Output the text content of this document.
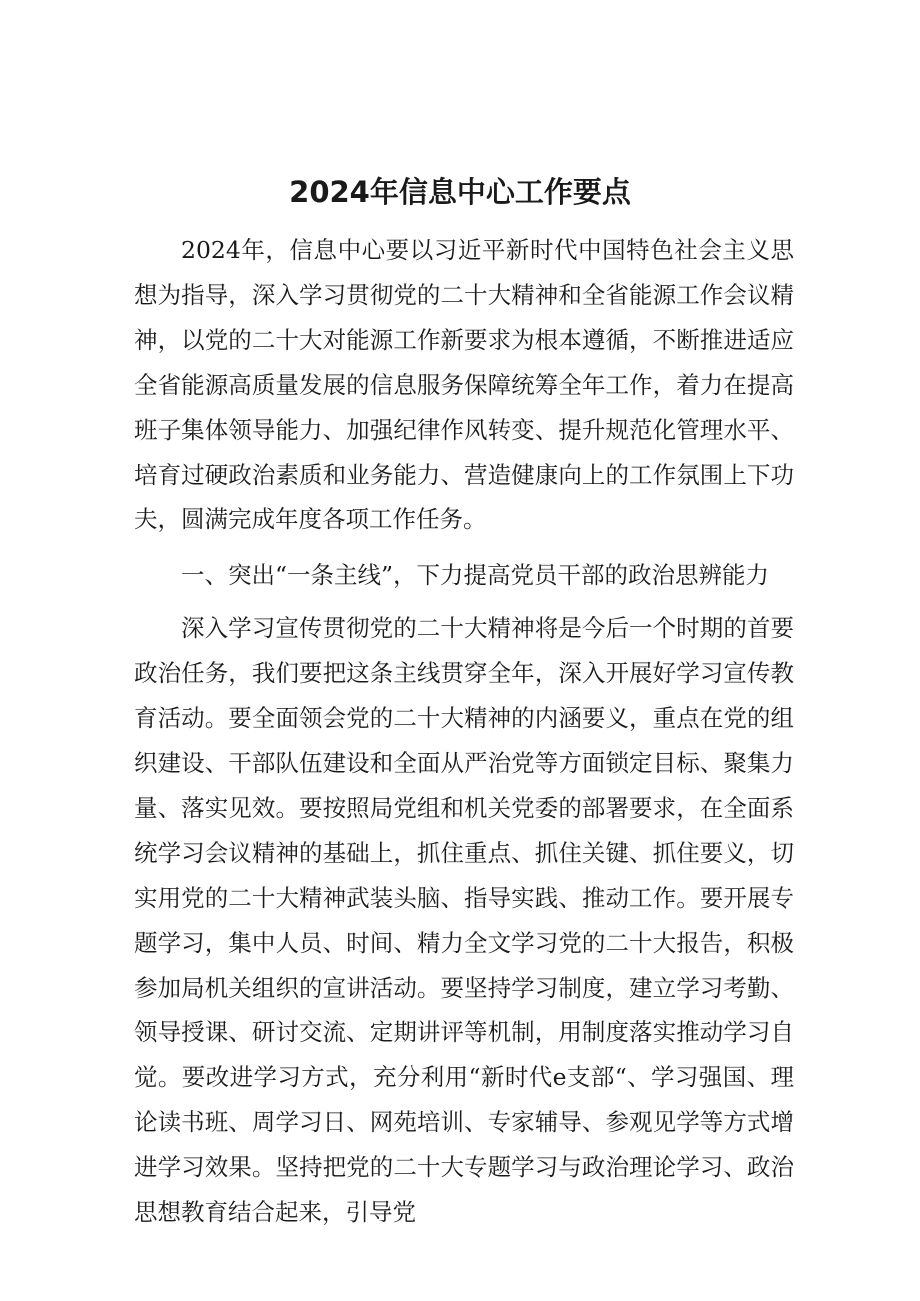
2024年信息中心工作要点

2024年，信息中心要以习近平新时代中国特色社会主义思想为指导，深入学习贯彻党的二十大精神和全省能源工作会议精神，以党的二十大对能源工作新要求为根本遵循，不断推进适应全省能源高质量发展的信息服务保障统筹全年工作，着力在提高班子集体领导能力、加强纪律作风转变、提升规范化管理水平、培育过硬政治素质和业务能力、营造健康向上的工作氛围上下功夫，圆满完成年度各项工作任务。

一、突出“一条主线”，下力提高党员干部的政治思辨能力

深入学习宣传贯彻党的二十大精神将是今后一个时期的首要政治任务，我们要把这条主线贯穿全年，深入开展好学习宣传教育活动。要全面领会党的二十大精神的内涵要义，重点在党的组织建设、干部队伍建设和全面从严治党等方面锁定目标、聚集力量、落实见效。要按照局党组和机关党委的部署要求，在全面系统学习会议精神的基础上，抓住重点、抓住关键、抓住要义，切实用党的二十大精神武装头脑、指导实践、推动工作。要开展专题学习，集中人员、时间、精力全文学习党的二十大报告，积极参加局机关组织的宣讲活动。要坚持学习制度，建立学习考勤、领导授课、研讨交流、定期讲评等机制，用制度落实推动学习自觉。要改进学习方式，充分利用“新时代e支部“、学习强国、理论读书班、周学习日、网苑培训、专家辅导、参观见学等方式增进学习效果。坚持把党的二十大专题学习与政治理论学习、政治思想教育结合起来，引导党
